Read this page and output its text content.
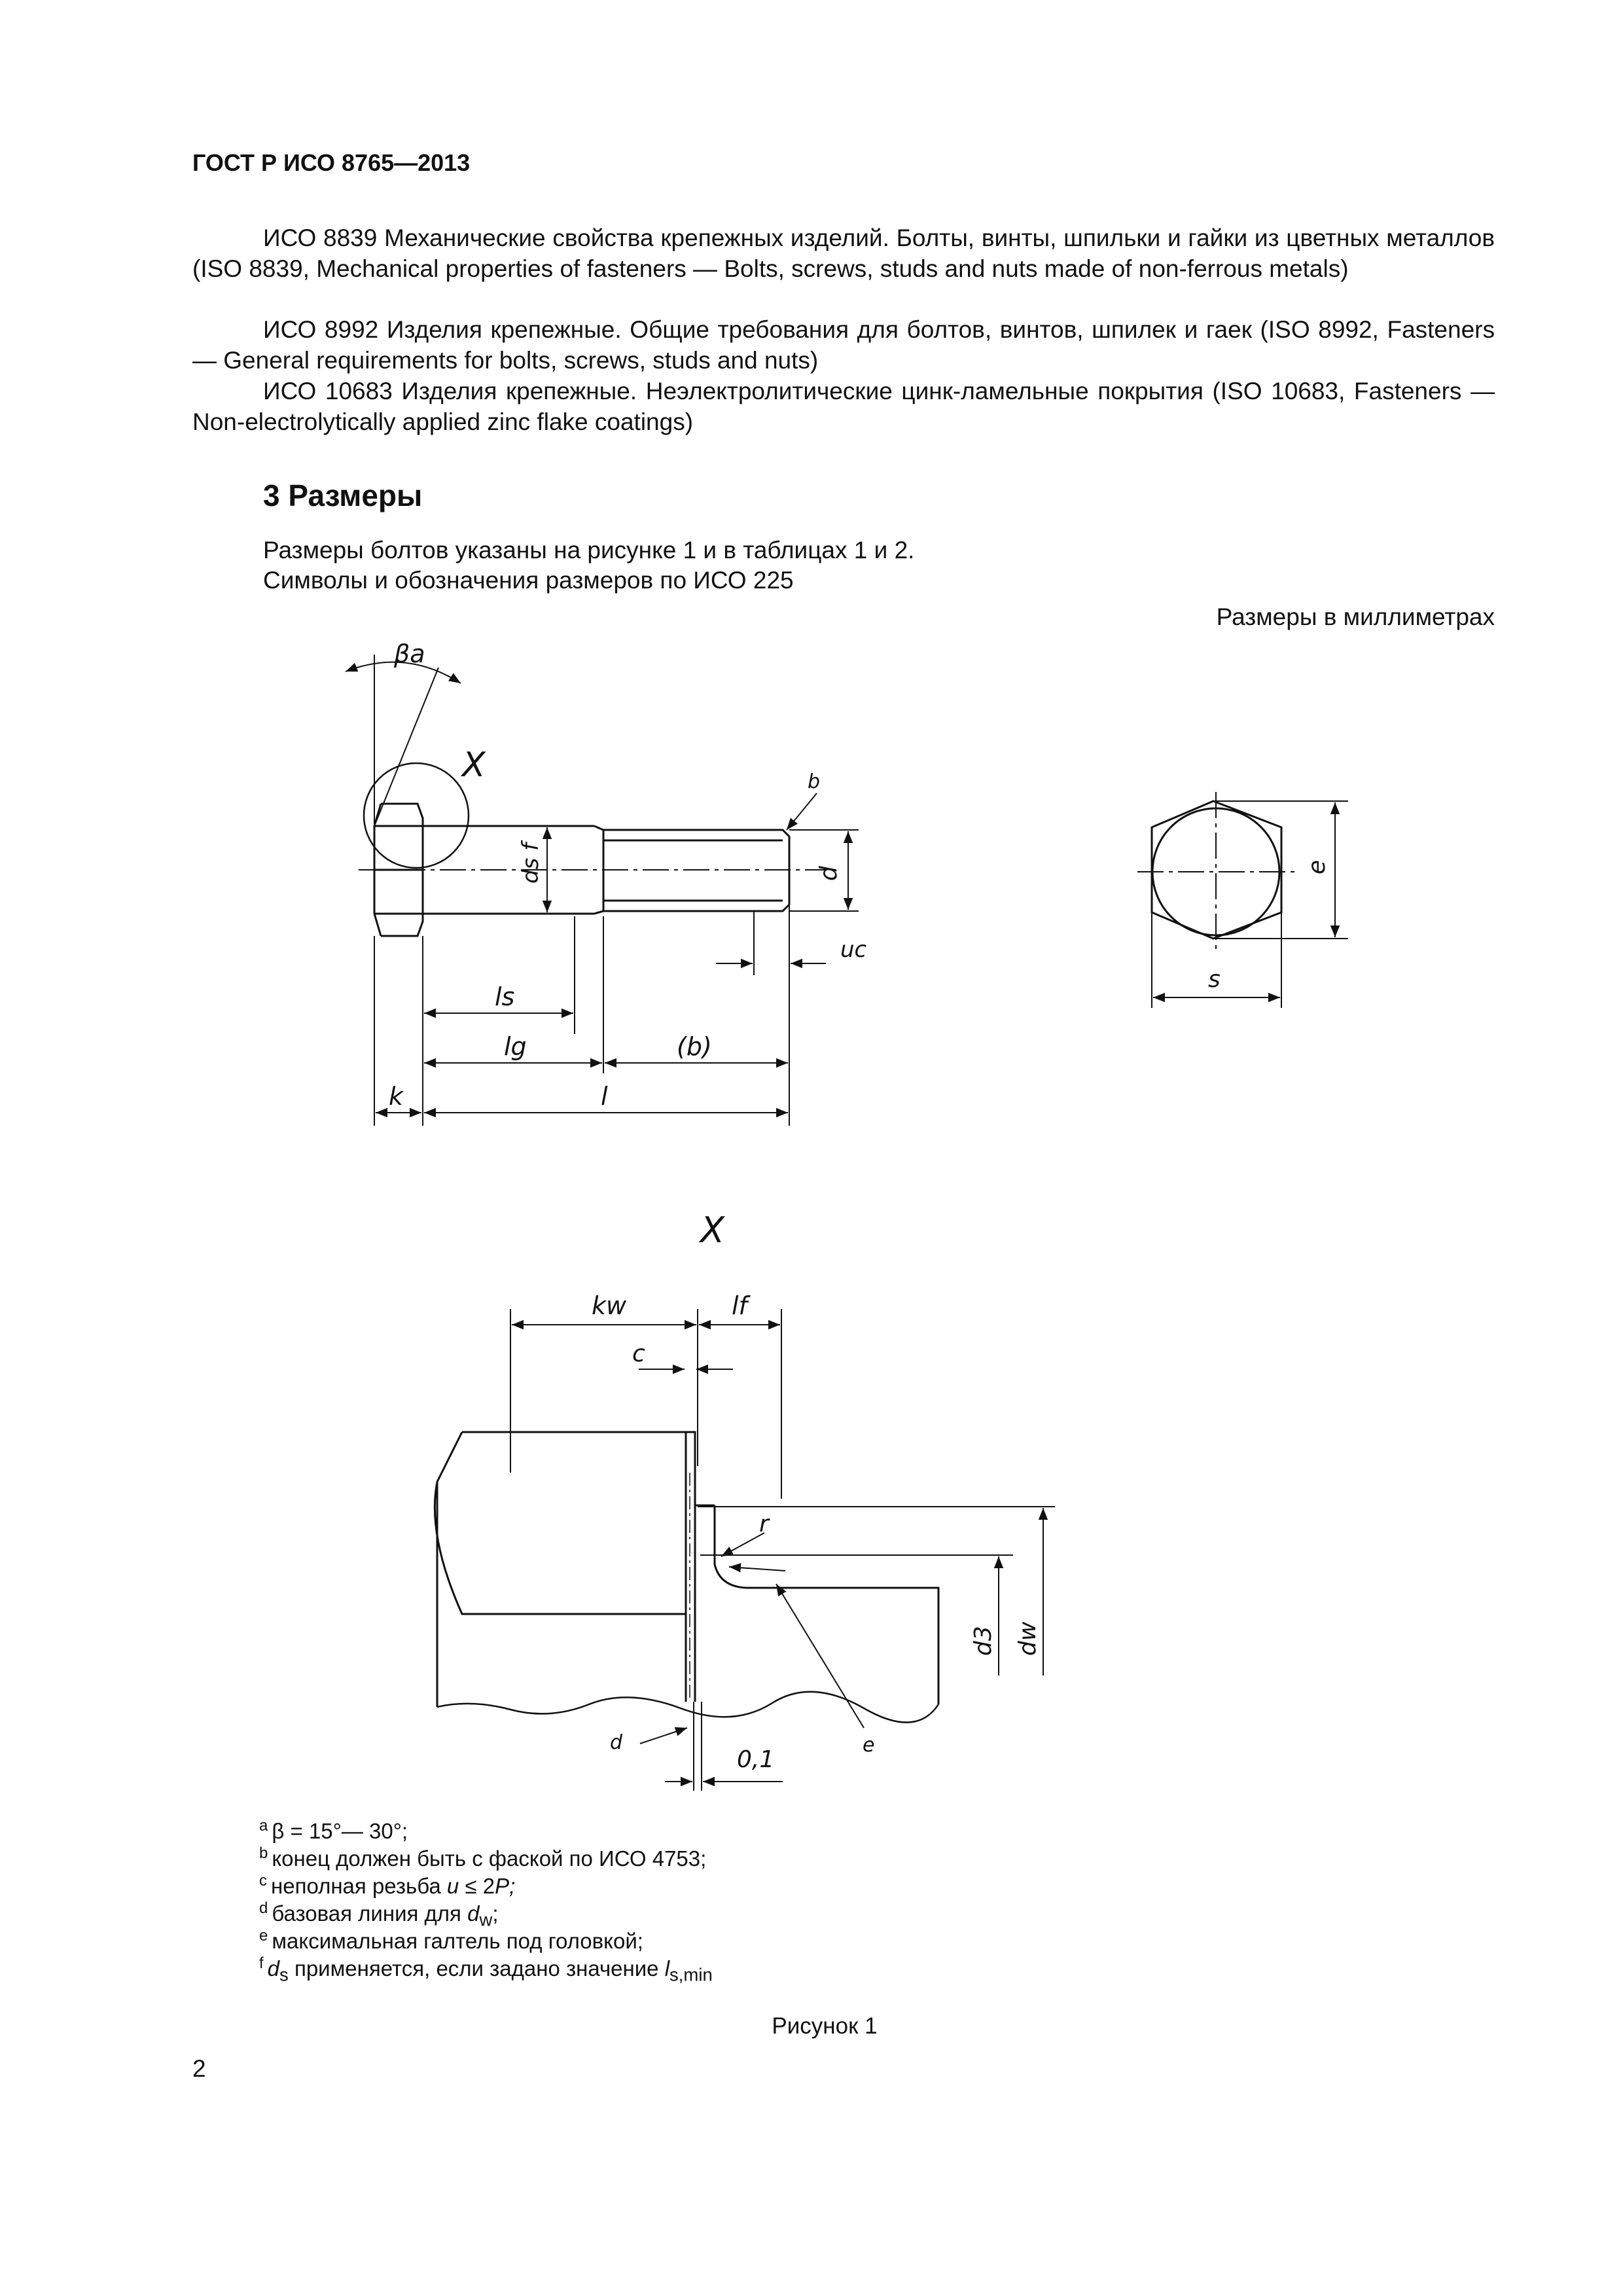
ГОСТ Р ИСО 8765—2013
ИСО 8839 Механические свойства крепежных изделий. Болты, винты, шпильки и гайки из цветных металлов (ISO 8839, Mechanical properties of fasteners — Bolts, screws, studs and nuts made of non-ferrous metals)
ИСО 8992 Изделия крепежные. Общие требования для болтов, винтов, шпилек и гаек (ISO 8992, Fasteners — General requirements for bolts, screws, studs and nuts)
ИСО 10683 Изделия крепежные. Неэлектролитические цинк-ламельные покрытия (ISO 10683, Fasteners — Non-electrolytically applied zinc flake coatings)
3 Размеры
Размеры болтов указаны на рисунке 1 и в таблицах 1 и 2.
Символы и обозначения размеров по ИСО 225
Размеры в миллиметрах
βa
X	b
ds f	d
uc
ls
lg	(b)
k	l
e
s
X
kw	lf
c
r
d3 dw
d	e
0,1
$^a$ β = 15°— 30°;
$^b$ конец должен быть с фаской по ИСО 4753;
$^c$ неполная резьба u ≤ 2P;
$^d$ базовая линия для $d_w$;
$^e$ максимальная галтель под головкой;
$^f$ $d_s$ применяется, если задано значение $l_{s,min}$
Рисунок 1
2
